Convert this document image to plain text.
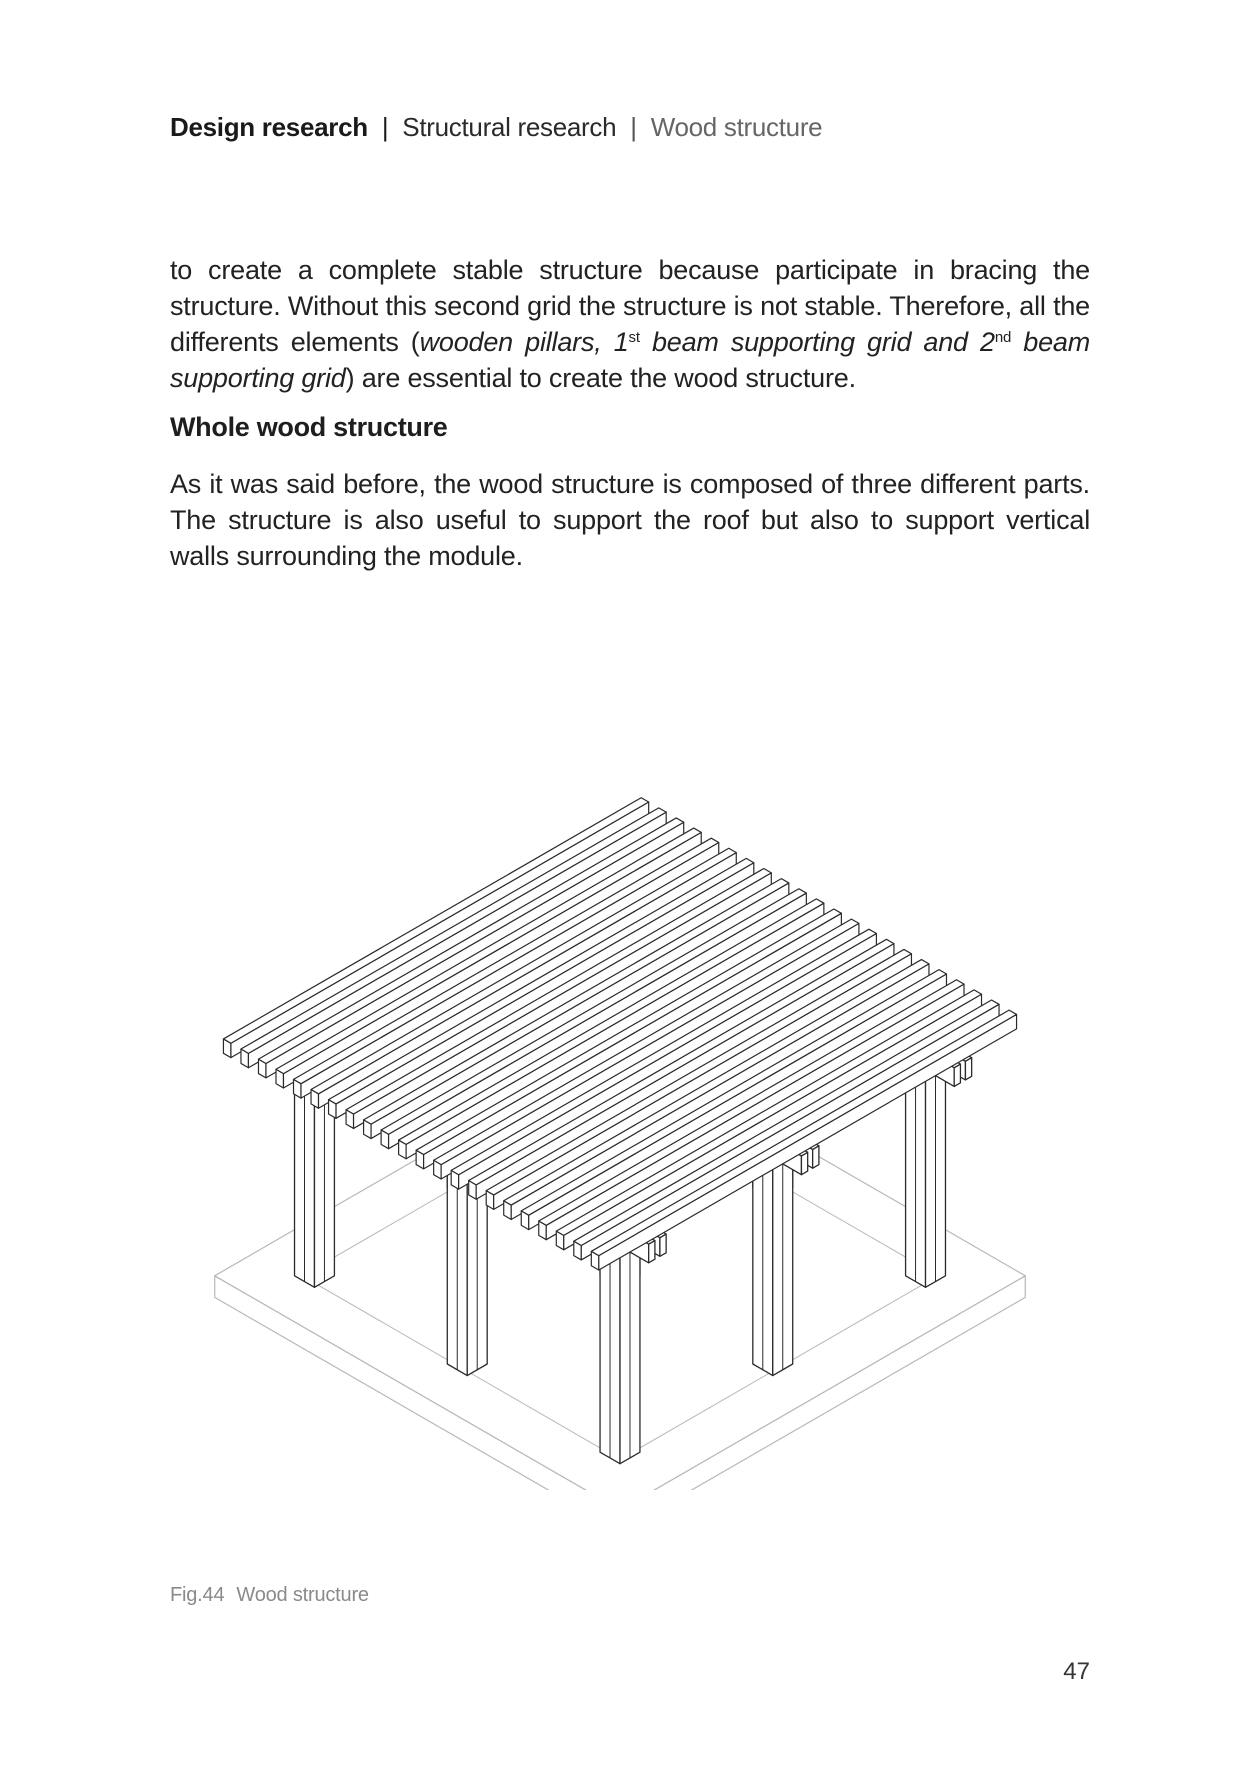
Design research | Structural research | Wood structure

to create a complete stable structure because participate in bracing the structure. Without this second grid the structure is not stable. Therefore, all the differents elements (wooden pillars, 1st beam supporting grid and 2nd beam supporting grid) are essential to create the wood structure.

Whole wood structure

As it was said before, the wood structure is composed of three different parts. The structure is also useful to support the roof but also to support vertical walls surrounding the module.

Fig.44 Wood structure
47
